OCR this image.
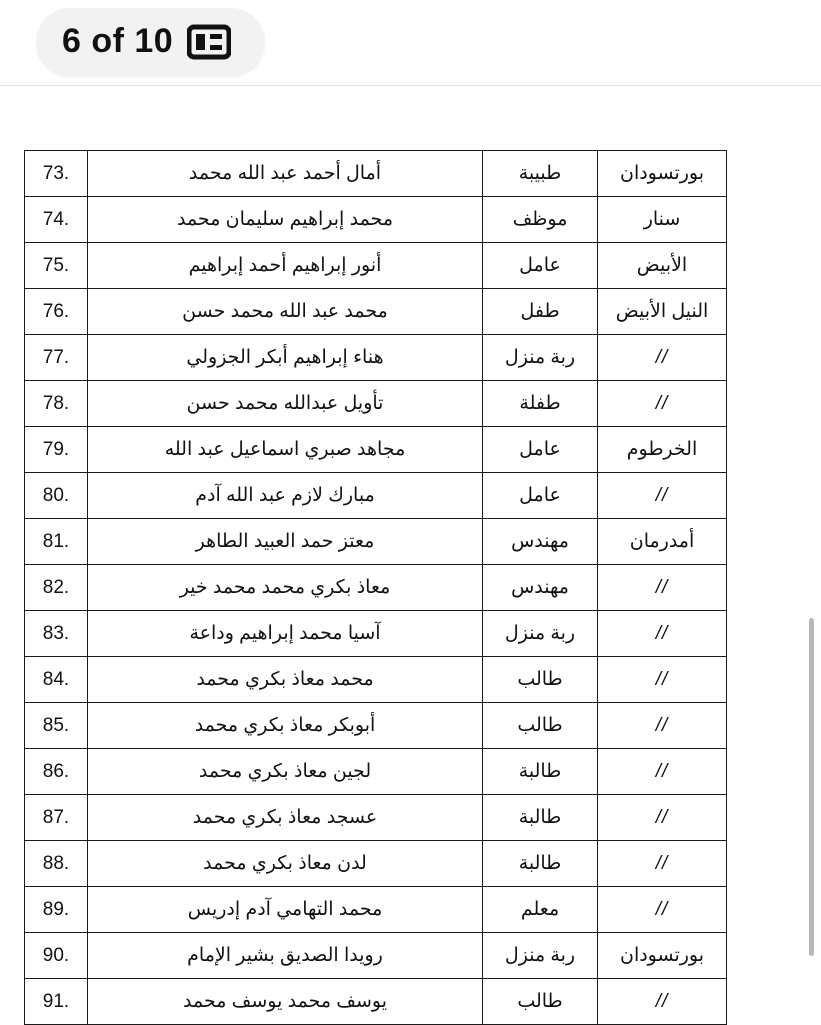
6 of 10
بورتسودان	طبيبة	أمال أحمد عبد الله محمد	73.
سنار	موظف	محمد إبراهيم سليمان محمد	74.
الأبيض	عامل	أنور إبراهيم أحمد إبراهيم	75.
النيل الأبيض	طفل	محمد عبد الله محمد حسن	76.
//	ربة منزل	هناء إبراهيم أبكر الجزولي	77.
//	طفلة	تأويل عبدالله محمد حسن	78.
الخرطوم	عامل	مجاهد صبري اسماعيل عبد الله	79.
//	عامل	مبارك لازم عبد الله آدم	80.
أمدرمان	مهندس	معتز حمد العبيد الطاهر	81.
//	مهندس	معاذ بكري محمد محمد خير	82.
//	ربة منزل	آسيا محمد إبراهيم وداعة	83.
//	طالب	محمد معاذ بكري محمد	84.
//	طالب	أبوبكر معاذ بكري محمد	85.
//	طالبة	لجين معاذ بكري محمد	86.
//	طالبة	عسجد معاذ بكري محمد	87.
//	طالبة	لدن معاذ بكري محمد	88.
//	معلم	محمد التهامي آدم إدريس	89.
بورتسودان	ربة منزل	رويدا الصديق بشير الإمام	90.
//	طالب	يوسف محمد يوسف محمد	91.
